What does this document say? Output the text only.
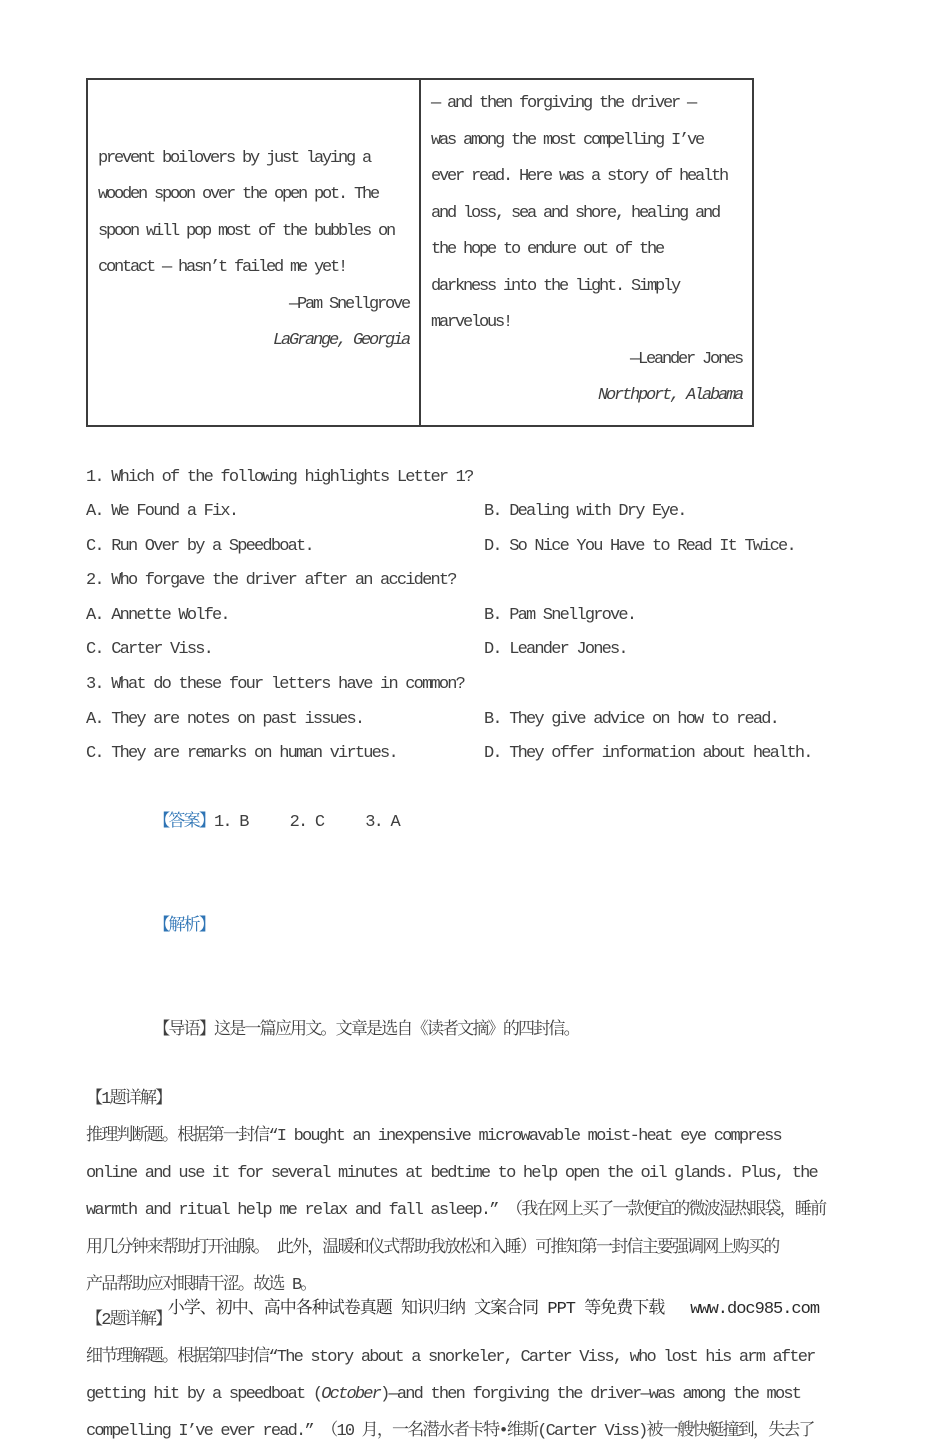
prevent boilovers by just laying a
wooden spoon over the open pot. The
spoon will pop most of the bubbles on
contact — hasn’t failed me yet!
—Pam Snellgrove
LaGrange, Georgia

— and then forgiving the driver —
was among the most compelling I’ve
ever read. Here was a story of health
and loss, sea and shore, healing and
the hope to endure out of the
darkness into the light. Simply
marvelous!
—Leander Jones
Northport, Alabama
1. Which of the following highlights Letter 1?
A. We Found a Fix.	B. Dealing with Dry Eye.
C. Run Over by a Speedboat.	D. So Nice You Have to Read It Twice.
2. Who forgave the driver after an accident?
A. Annette Wolfe.	B. Pam Snellgrove.
C. Carter Viss.	D. Leander Jones.
3. What do these four letters have in common?
A. They are notes on past issues.	B. They give advice on how to read.
C. They are remarks on human virtues.	D. They offer information about health.

【答案】1. B     2. C     3. A

【解析】

【导语】这是一篇应用文。文章是选自《读者文摘》的四封信。

【1题详解】
推理判断题。根据第一封信“I bought an inexpensive microwavable moist-heat eye compress
online and use it for several minutes at bedtime to help open the oil glands. Plus, the
warmth and ritual help me relax and fall asleep.” （我在网上买了一款便宜的微波湿热眼袋，睡前
用几分钟来帮助打开油腺。 此外，温暖和仪式帮助我放松和入睡）可推知第一封信主要强调网上购买的
产品帮助应对眼睛干涩。故选 B。
【2题详解】
细节理解题。根据第四封信“The story about a snorkeler, Carter Viss, who lost his arm after
getting hit by a speedboat (October)—and then forgiving the driver—was among the most
compelling I’ve ever read.” （10 月，一名潜水者卡特•维斯(Carter Viss)被一艘快艇撞到，失去了

小学、初中、高中各种试卷真题 知识归纳 文案合同 PPT 等免费下载 www.doc985.com
